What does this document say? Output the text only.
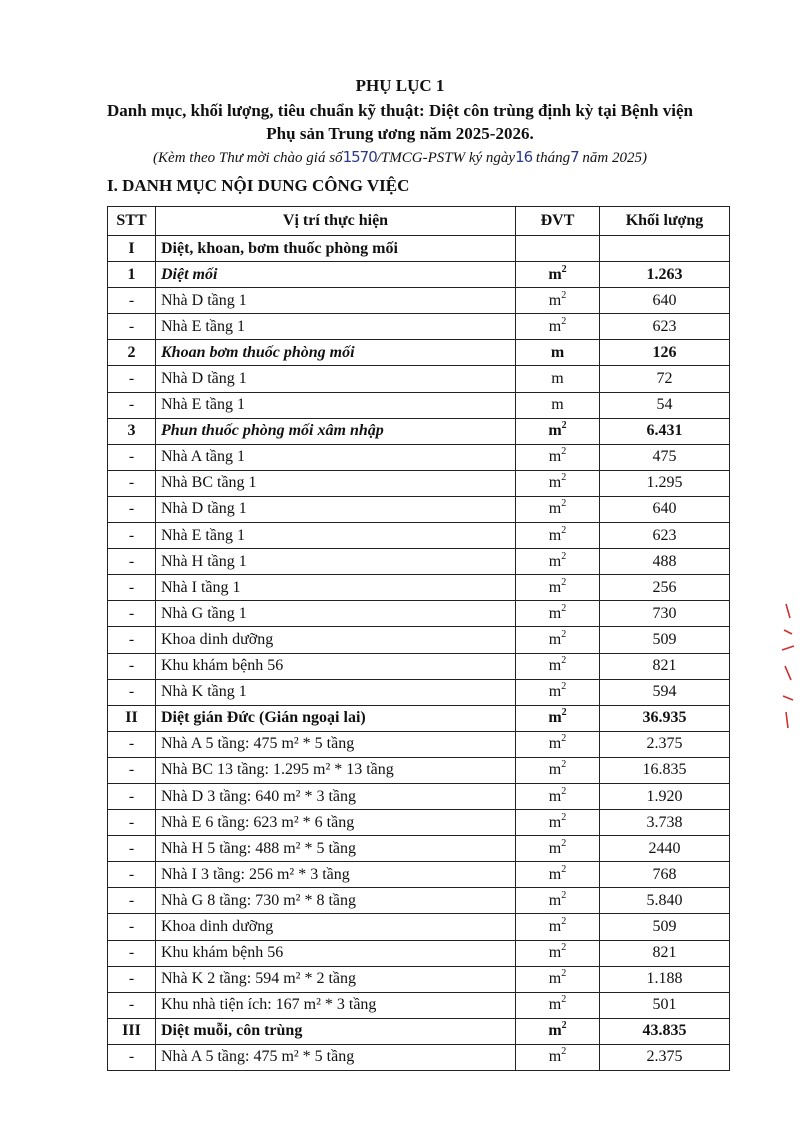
PHỤ LỤC 1
Danh mục, khối lượng, tiêu chuẩn kỹ thuật: Diệt côn trùng định kỳ tại Bệnh viện
Phụ sản Trung ương năm 2025-2026.
(Kèm theo Thư mời chào giá số1570/TMCG-PSTW ký ngày16 tháng7 năm 2025)
I. DANH MỤC NỘI DUNG CÔNG VIỆC
STT	Vị trí thực hiện	ĐVT	Khối lượng
I	Diệt, khoan, bơm thuốc phòng mối		
1	Diệt mối	$m^2$	1.263
-	Nhà D tầng 1	$m^2$	640
-	Nhà E tầng 1	$m^2$	623
2	Khoan bơm thuốc phòng mối	m	126
-	Nhà D tầng 1	m	72
-	Nhà E tầng 1	m	54
3	Phun thuốc phòng mối xâm nhập	$m^2$	6.431
-	Nhà A tầng 1	$m^2$	475
-	Nhà BC tầng 1	$m^2$	1.295
-	Nhà D tầng 1	$m^2$	640
-	Nhà E tầng 1	$m^2$	623
-	Nhà H tầng 1	$m^2$	488
-	Nhà I tầng 1	$m^2$	256
-	Nhà G tầng 1	$m^2$	730
-	Khoa dinh dưỡng	$m^2$	509
-	Khu khám bệnh 56	$m^2$	821
-	Nhà K tầng 1	$m^2$	594
II	Diệt gián Đức (Gián ngoại lai)	$m^2$	36.935
-	Nhà A 5 tầng: 475 m² * 5 tầng	$m^2$	2.375
-	Nhà BC 13 tầng: 1.295 m² * 13 tầng	$m^2$	16.835
-	Nhà D 3 tầng: 640 m² * 3 tầng	$m^2$	1.920
-	Nhà E 6 tầng: 623 m² * 6 tầng	$m^2$	3.738
-	Nhà H 5 tầng: 488 m² * 5 tầng	$m^2$	2440
-	Nhà I 3 tầng: 256 m² * 3 tầng	$m^2$	768
-	Nhà G 8 tầng: 730 m² * 8 tầng	$m^2$	5.840
-	Khoa dinh dưỡng	$m^2$	509
-	Khu khám bệnh 56	$m^2$	821
-	Nhà K 2 tầng: 594 m² * 2 tầng	$m^2$	1.188
-	Khu nhà tiện ích: 167 m² * 3 tầng	$m^2$	501
III	Diệt muỗi, côn trùng	$m^2$	43.835
-	Nhà A 5 tầng: 475 m² * 5 tầng	$m^2$	2.375
